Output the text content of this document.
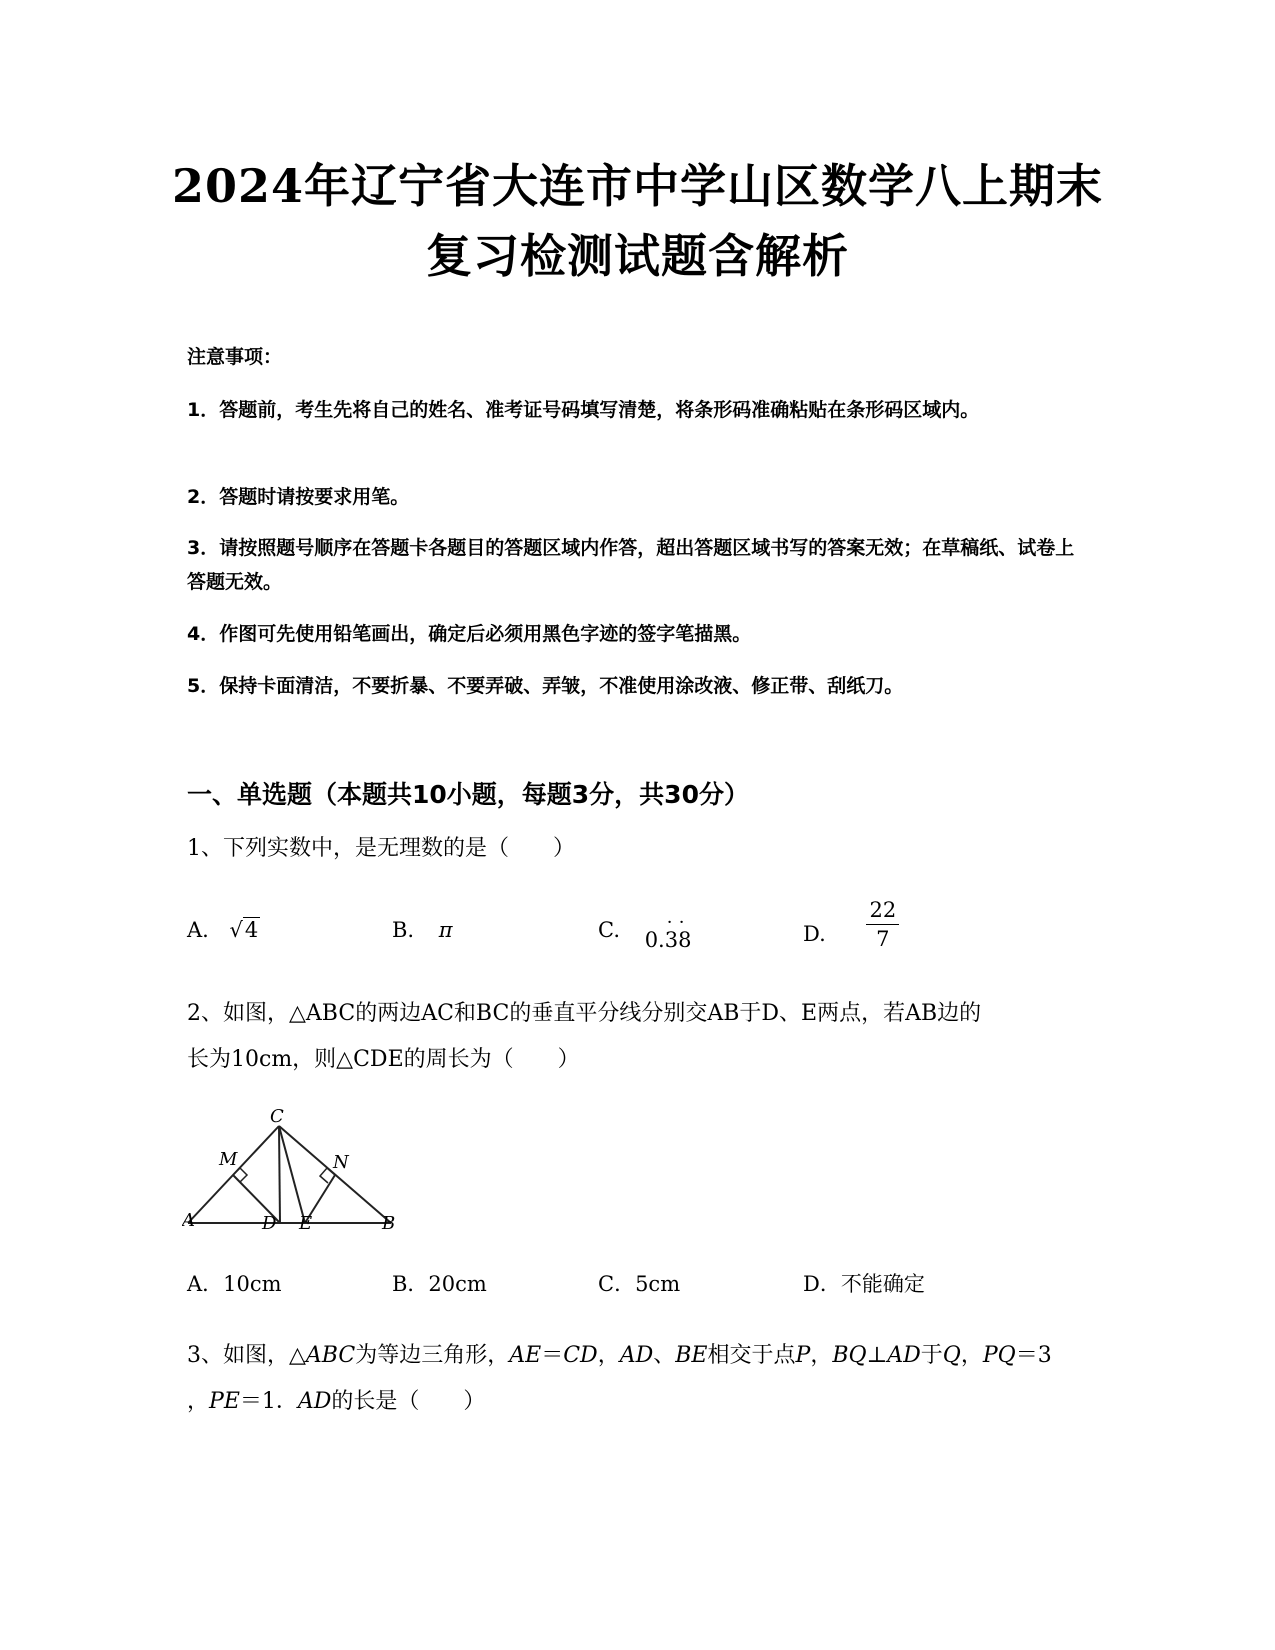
2024年辽宁省大连市中学山区数学八上期末
复习检测试题含解析
注意事项：
1．答题前，考生先将自己的姓名、准考证号码填写清楚，将条形码准确粘贴在条形码区域内。
2．答题时请按要求用笔。
3．请按照题号顺序在答题卡各题目的答题区域内作答，超出答题区域书写的答案无效；在草稿纸、试卷上答题无效。
4．作图可先使用铅笔画出，确定后必须用黑色字迹的签字笔描黑。
5．保持卡面清洁，不要折暴、不要弄破、弄皱，不准使用涂改液、修正带、刮纸刀。
一、单选题（本题共10小题，每题3分，共30分）
1、下列实数中，是无理数的是（　　）
A. √4	B. π	C.	· ·
0.38	D. $\frac{22}{7}$
2、如图，△ABC的两边AC和BC的垂直平分线分别交AB于D、E两点，若AB边的
长为10cm，则△CDE的周长为（　　）
C
M	N
A	D E	B
A．10cm	B．20cm	C．5cm	D．不能确定
3、如图，△ABC为等边三角形，AE＝CD，AD、BE相交于点P，BQ⊥AD于Q，PQ＝3
，PE＝1．AD的长是（　　）
